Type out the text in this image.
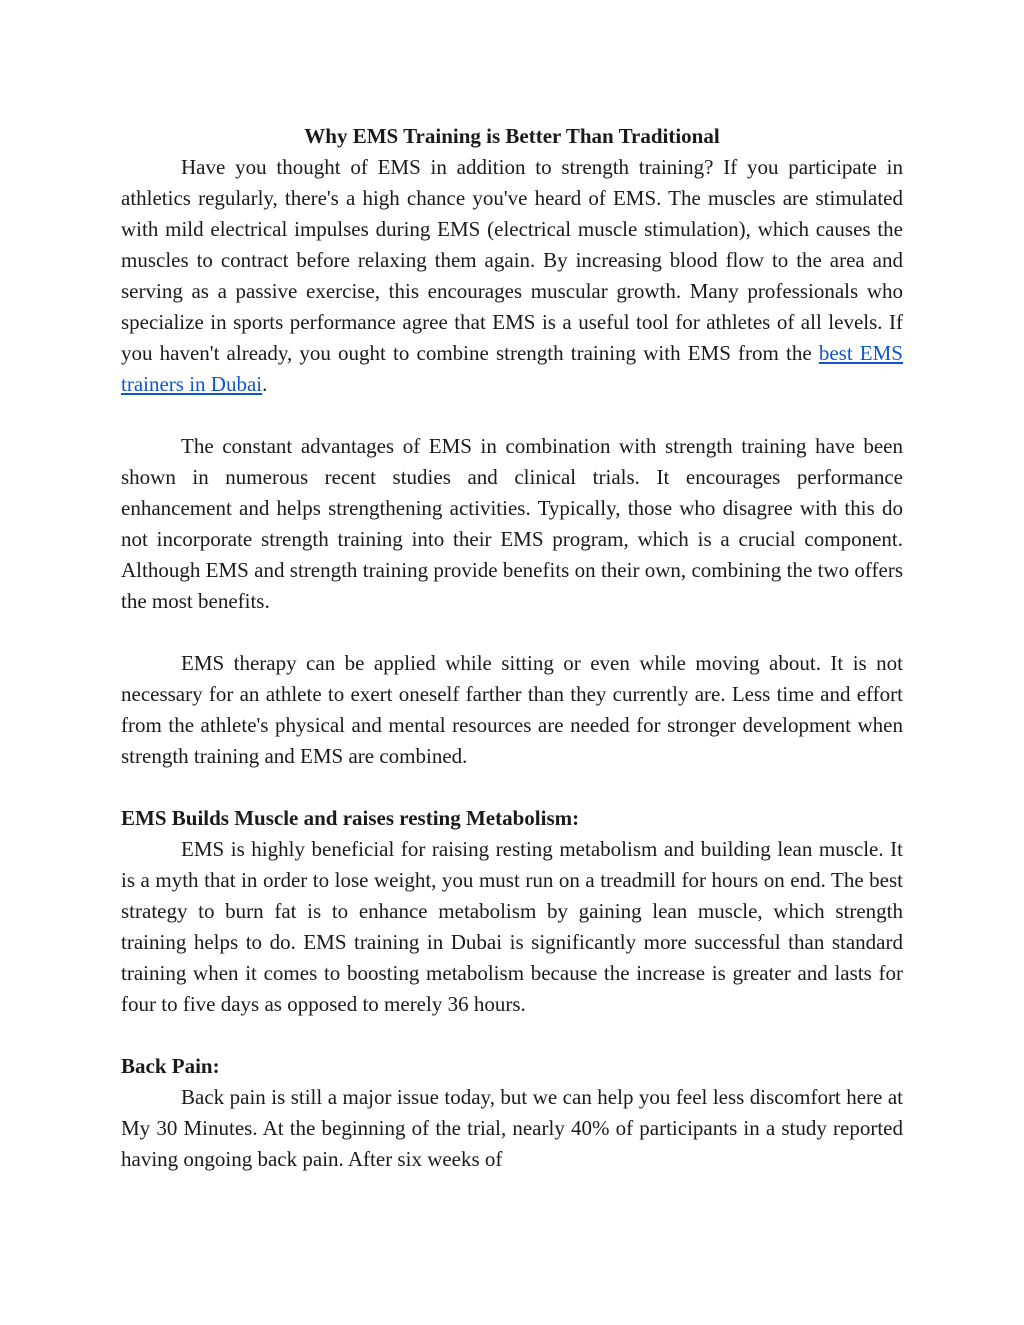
Why EMS Training is Better Than Traditional

Have you thought of EMS in addition to strength training? If you participate in athletics regularly, there's a high chance you've heard of EMS. The muscles are stimulated with mild electrical impulses during EMS (electrical muscle stimulation), which causes the muscles to contract before relaxing them again. By increasing blood flow to the area and serving as a passive exercise, this encourages muscular growth. Many professionals who specialize in sports performance agree that EMS is a useful tool for athletes of all levels. If you haven't already, you ought to combine strength training with EMS from the best EMS trainers in Dubai.

The constant advantages of EMS in combination with strength training have been shown in numerous recent studies and clinical trials. It encourages performance enhancement and helps strengthening activities. Typically, those who disagree with this do not incorporate strength training into their EMS program, which is a crucial component. Although EMS and strength training provide benefits on their own, combining the two offers the most benefits.

EMS therapy can be applied while sitting or even while moving about. It is not necessary for an athlete to exert oneself farther than they currently are. Less time and effort from the athlete's physical and mental resources are needed for stronger development when strength training and EMS are combined.

EMS Builds Muscle and raises resting Metabolism:

EMS is highly beneficial for raising resting metabolism and building lean muscle. It is a myth that in order to lose weight, you must run on a treadmill for hours on end. The best strategy to burn fat is to enhance metabolism by gaining lean muscle, which strength training helps to do. EMS training in Dubai is significantly more successful than standard training when it comes to boosting metabolism because the increase is greater and lasts for four to five days as opposed to merely 36 hours.

Back Pain:

Back pain is still a major issue today, but we can help you feel less discomfort here at My 30 Minutes. At the beginning of the trial, nearly 40% of participants in a study reported having ongoing back pain. After six weeks of
